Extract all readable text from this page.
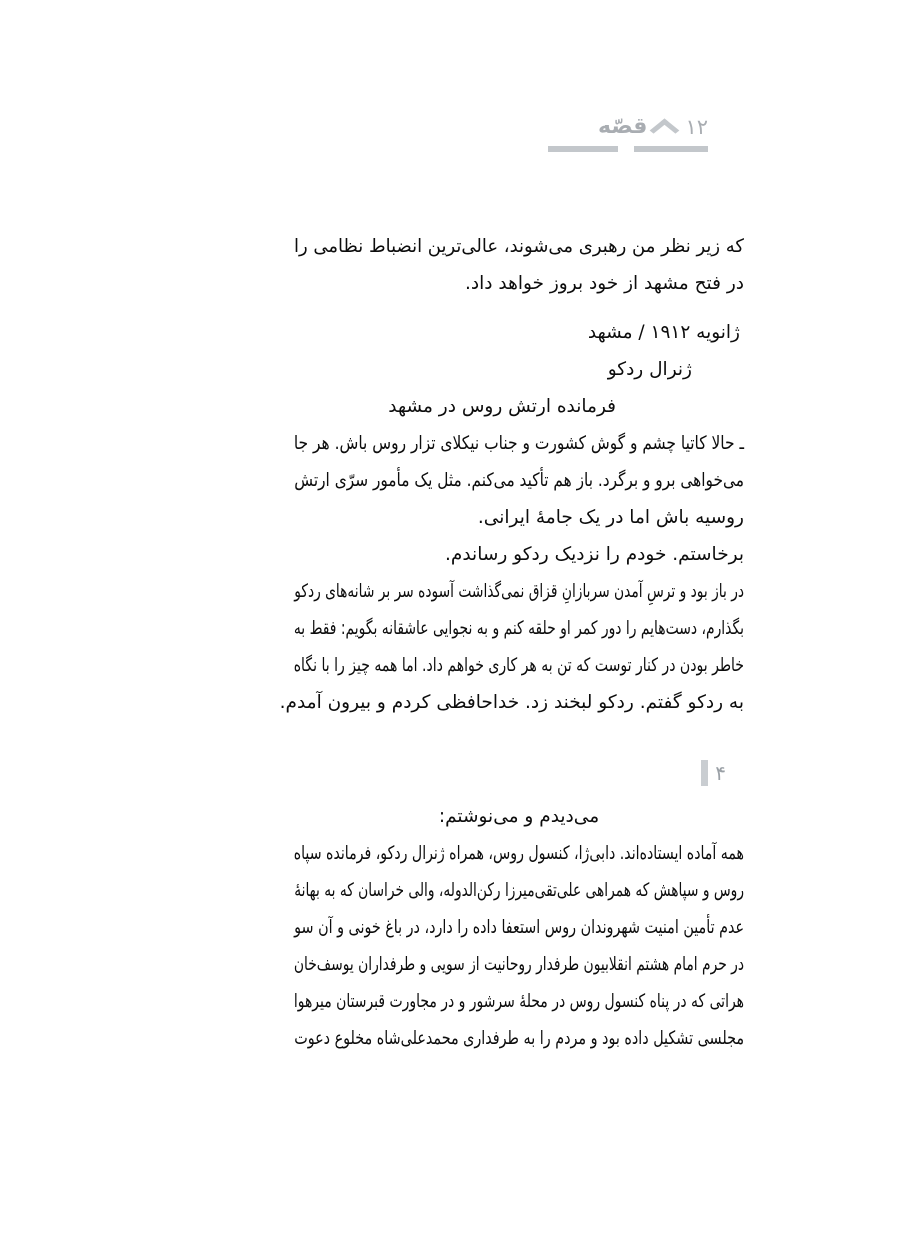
۱۲
قصّه
که زیر نظر من رهبری می‌شوند، عالی‌ترین انضباط نظامی را
در فتح مشهد از خود بروز خواهد داد.
ژانویه ۱۹۱۲ / مشهد
ژنرال ردکو
فرمانده ارتش روس در مشهد
ـ حالا کاتیا چشم و گوش کشورت و جناب نیکلای تزار روس باش. هر جا
می‌خواهی برو و برگرد. باز هم تأکید می‌کنم. مثل یک مأمور سرّی ارتش
روسیه باش اما در یک جامۀ ایرانی.
برخاستم. خودم را نزدیک ردکو رساندم.
در باز بود و ترسِ آمدن سربازانِ قزاق نمی‌گذاشت آسوده سر بر شانه‌های ردکو
بگذارم، دست‌هایم را دور کمر او حلقه کنم و به نجوایی عاشقانه بگویم: فقط به
خاطر بودن در کنار توست که تن به هر کاری خواهم داد. اما همه چیز را با نگاه
به ردکو گفتم. ردکو لبخند زد. خداحافظی کردم و بیرون آمدم.
۴
می‌دیدم و می‌نوشتم:
همه آماده ایستاده‌اند. دابی‌ژا، کنسول روس، همراه ژنرال ردکو، فرمانده سپاه
روس و سپاهش که همراهی علی‌تقی‌میرزا رکن‌الدوله، والی خراسان که به بهانۀ
عدم تأمین امنیت شهروندان روس استعفا داده را دارد، در باغ خونی و آن سو
در حرم امام هشتم انقلابیون طرفدار روحانیت از سویی و طرفداران یوسف‌خان
هراتی که در پناه کنسول روس در محلۀ سرشور و در مجاورت قبرستان میرهوا
مجلسی تشکیل داده بود و مردم را به طرفداری محمدعلی‌شاه مخلوع دعوت
